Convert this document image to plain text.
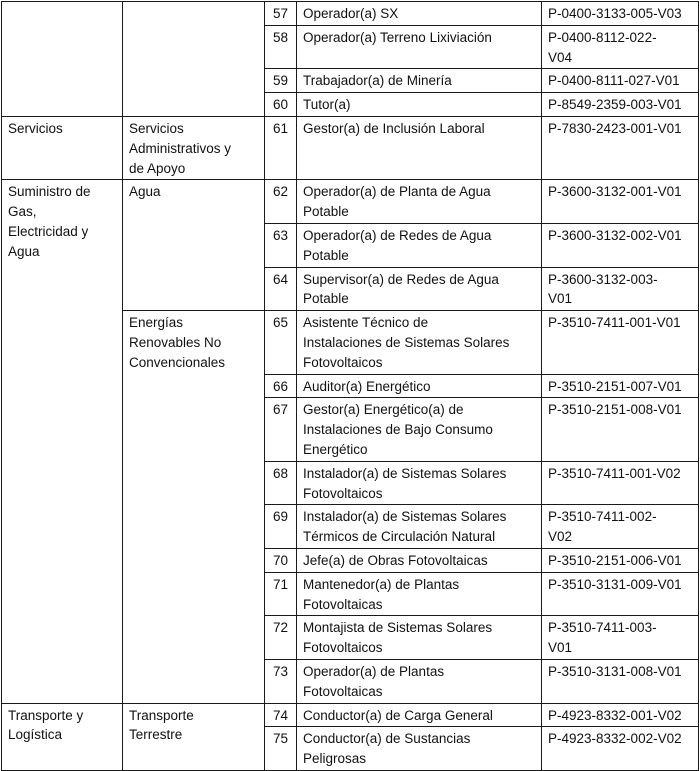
		57	Operador(a) SX	P-0400-3133-005-V03
		58	Operador(a) Terreno Lixiviación	P-0400-8112-022-
V04
		59	Trabajador(a) de Minería	P-0400-8111-027-V01
		60	Tutor(a)	P-8549-2359-003-V01
Servicios	Servicios
Administrativos y
de Apoyo	61	Gestor(a) de Inclusión Laboral	P-7830-2423-001-V01
Suministro de
Gas,
Electricidad y
Agua	Agua	62	Operador(a) de Planta de Agua
Potable	P-3600-3132-001-V01
		63	Operador(a) de Redes de Agua
Potable	P-3600-3132-002-V01
		64	Supervisor(a) de Redes de Agua
Potable	P-3600-3132-003-
V01
	Energías
Renovables No
Convencionales	65	Asistente Técnico de
Instalaciones de Sistemas Solares
Fotovoltaicos	P-3510-7411-001-V01
		66	Auditor(a) Energético	P-3510-2151-007-V01
		67	Gestor(a) Energético(a) de
Instalaciones de Bajo Consumo
Energético	P-3510-2151-008-V01
		68	Instalador(a) de Sistemas Solares
Fotovoltaicos	P-3510-7411-001-V02
		69	Instalador(a) de Sistemas Solares
Térmicos de Circulación Natural	P-3510-7411-002-
V02
		70	Jefe(a) de Obras Fotovoltaicas	P-3510-2151-006-V01
		71	Mantenedor(a) de Plantas
Fotovoltaicas	P-3510-3131-009-V01
		72	Montajista de Sistemas Solares
Fotovoltaicos	P-3510-7411-003-
V01
		73	Operador(a) de Plantas
Fotovoltaicas	P-3510-3131-008-V01
Transporte y
Logística	Transporte
Terrestre	74	Conductor(a) de Carga General	P-4923-8332-001-V02
		75	Conductor(a) de Sustancias
Peligrosas	P-4923-8332-002-V02
